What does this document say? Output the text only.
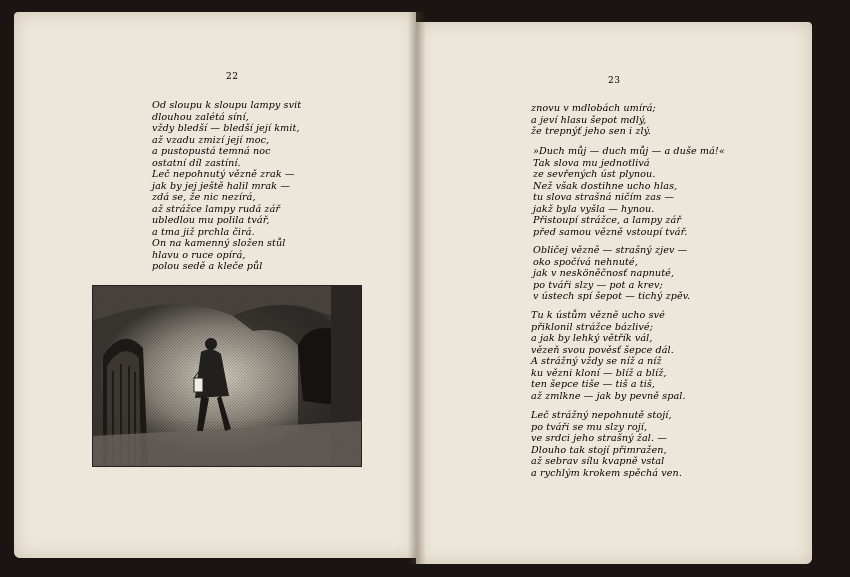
22	23
Od sloupu k sloupu lampy svit
dlouhou zalétá síní,
vždy bledší — bledší její kmit,
až vzadu zmizí její moc,
a pustopustá temná noc
ostatní díl zastíní.
Leč nepohnutý vězně zrak —
jak by jej ještě halil mrak —
zdá se, že nic nezírá,
až strážce lampy rudá zář
ubledlou mu polila tvář,
a tma již prchla čirá.
On na kamenný složen stůl
hlavu o ruce opírá,
polou sedě a kleče půl
znovu v mdlobách umírá;
a jeví hlasu šepot mdlý,
že trepnýť jeho sen i zlý.
»Duch můj — duch můj — a duše má!«
Tak slova mu jednotlivá
ze sevřených úst plynou.
Než však dostihne ucho hlas,
tu slova strašná ničím zas —
jakž byla vyšla — hynou.
Přistoupí strážce, a lampy zář
před samou vězně vstoupí tvář.
Obličej vězně — strašný zjev —
oko spočívá nehnuté,
jak v nesköněčnosť napnuté,
po tváři slzy — pot a krev;
v ústech spí šepot — tichý zpěv.
Tu k ústům vězně ucho své
přiklonil strážce bázlivé;
a jak by lehký větřík vál,
vězeň svou pověsť šepce dál.
A strážný vždy se níž a níž
ku vězni kloní — blíž a blíž,
ten šepce tiše — tiš a tiš,
až zmlkne — jak by pevně spal.
Leč strážný nepohnutě stojí,
po tváři se mu slzy rojí,
ve srdci jeho strašný žal. —
Dlouho tak stojí přimražen,
až sebrav sílu kvapně vstal
a rychlým krokem spěchá ven.
